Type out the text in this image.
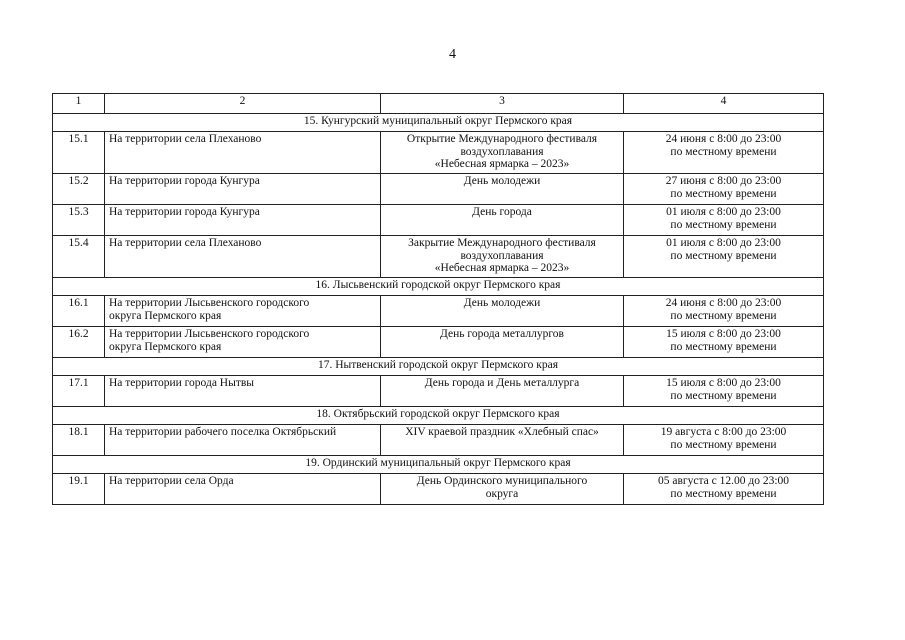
4
1	2	3	4
15. Кунгурский муниципальный округ Пермского края			
15.1	На территории села Плеханово	Открытие Международного фестиваля
воздухоплавания
«Небесная ярмарка – 2023»	24 июня с 8:00 до 23:00
по местному времени

15.2	На территории города Кунгура	День молодежи	27 июня с 8:00 до 23:00
по местному времени

15.3	На территории города Кунгура	День города	01 июля с 8:00 до 23:00
по местному времени

15.4	На территории села Плеханово	Закрытие Международного фестиваля
воздухоплавания
«Небесная ярмарка – 2023»	01 июля с 8:00 до 23:00
по местному времени

16. Лысьвенский городской округ Пермского края			
16.1	На территории Лысьвенского городского
округа Пермского края	День молодежи	24 июня с 8:00 до 23:00
по местному времени

16.2	На территории Лысьвенского городского
округа Пермского края	День города металлургов	15 июля с 8:00 до 23:00
по местному времени

17. Нытвенский городской округ Пермского края			
17.1	На территории города Нытвы	День города и День металлурга	15 июля с 8:00 до 23:00
по местному времени

18. Октябрьский городской округ Пермского края			
18.1	На территории рабочего поселка Октябрьский	XIV краевой праздник «Хлебный спас»	19 августа с 8:00 до 23:00
по местному времени

19. Ординский муниципальный округ Пермского края			
19.1	На территории села Орда	День Ординского муниципального
округа	05 августа с 12.00 до 23:00
по местному времени
